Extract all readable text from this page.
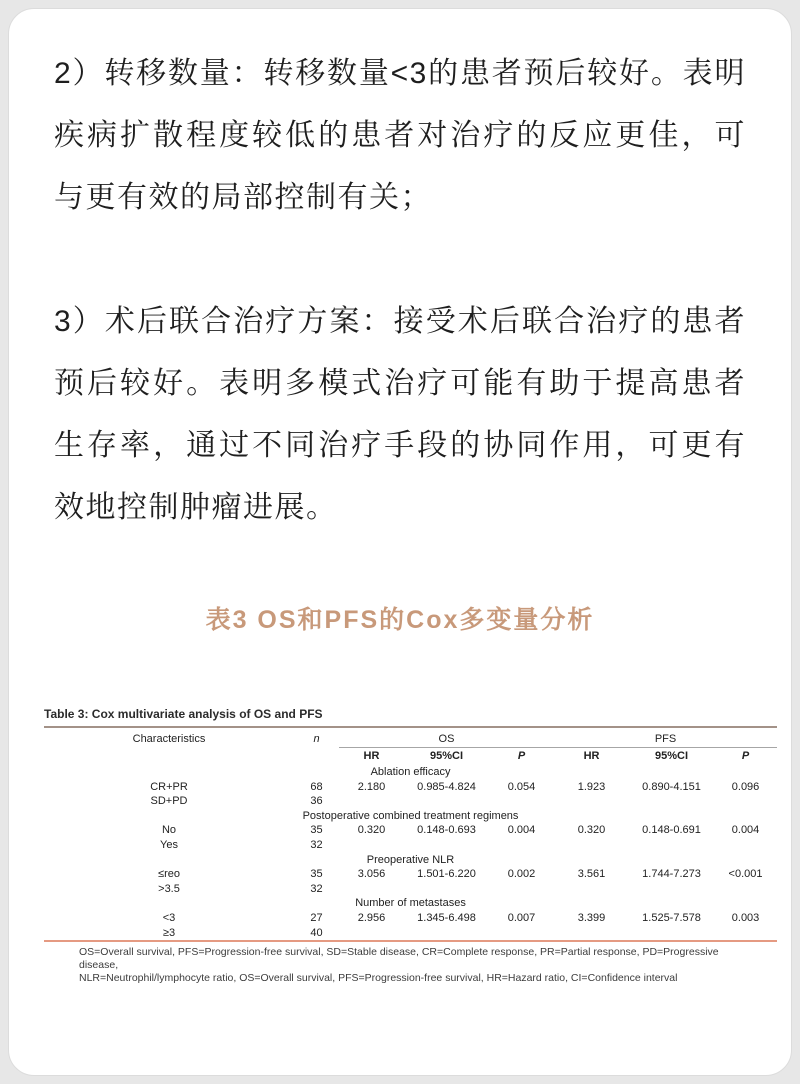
2）转移数量：转移数量<3的患者预后较好。表明疾病扩散程度较低的患者对治疗的反应更佳，可与更有效的局部控制有关；

3）术后联合治疗方案：接受术后联合治疗的患者预后较好。表明多模式治疗可能有助于提高患者生存率，通过不同治疗手段的协同作用，可更有效地控制肿瘤进展。

表3 OS和PFS的Cox多变量分析
Table 3: Cox multivariate analysis of OS and PFS
Characteristics	n	OS			PFS		
		HR	95%CI	P	HR	95%CI	P
Ablation efficacy							
CR+PR	68	2.180	0.985-4.824	0.054	1.923	0.890-4.151	0.096
SD+PD	36						
Postoperative combined treatment regimens							
No	35	0.320	0.148-0.693	0.004	0.320	0.148-0.691	0.004
Yes	32						
Preoperative NLR							
≤reo	35	3.056	1.501-6.220	0.002	3.561	1.744-7.273	<0.001
>3.5	32						
Number of metastases							
<3	27	2.956	1.345-6.498	0.007	3.399	1.525-7.578	0.003
≥3	40						
OS=Overall survival, PFS=Progression-free survival, SD=Stable disease, CR=Complete response, PR=Partial response, PD=Progressive disease,
NLR=Neutrophil/lymphocyte ratio, OS=Overall survival, PFS=Progression-free survival, HR=Hazard ratio, CI=Confidence interval
